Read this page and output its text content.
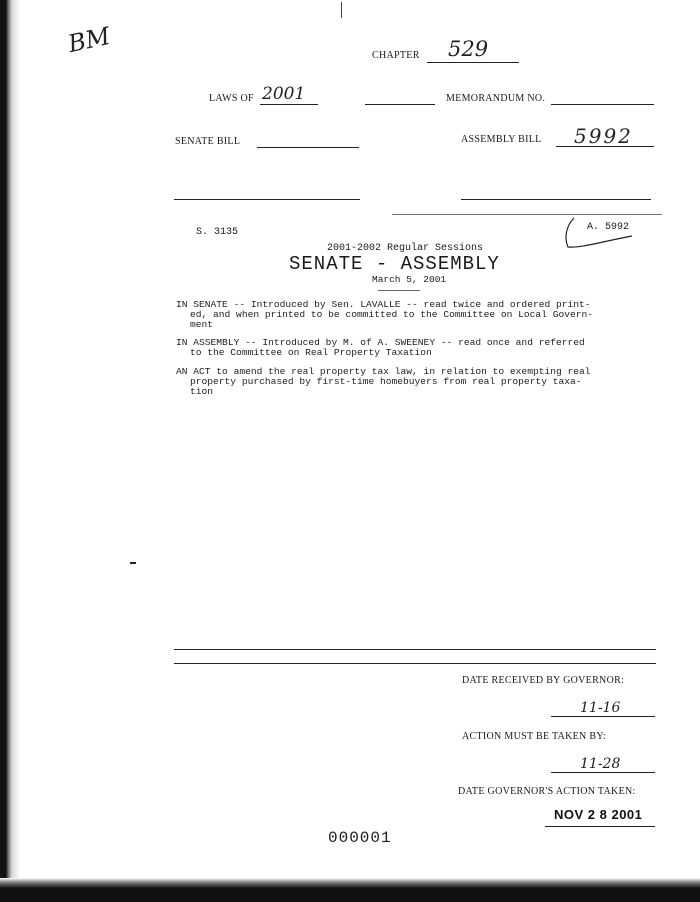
BM	CHAPTER 529
LAWS OF 2001	MEMORANDUM NO.
SENATE BILL	ASSEMBLY BILL 5992
S. 3135	A. 5992
2001-2002 Regular Sessions
SENATE - ASSEMBLY
March 5, 2001

IN SENATE -- Introduced by Sen. LAVALLE -- read twice and ordered print-

ed, and when printed to be committed to the Committee on Local Govern-

ment

IN ASSEMBLY -- Introduced by M. of A. SWEENEY -- read once and referred

to the Committee on Real Property Taxation

AN ACT to amend the real property tax law, in relation to exempting real

property purchased by first-time homebuyers from real property taxa-

tion

DATE RECEIVED BY GOVERNOR:
11-16
ACTION MUST BE TAKEN BY:
11-28
DATE GOVERNOR'S ACTION TAKEN:
NOV 2 8 2001
000001
